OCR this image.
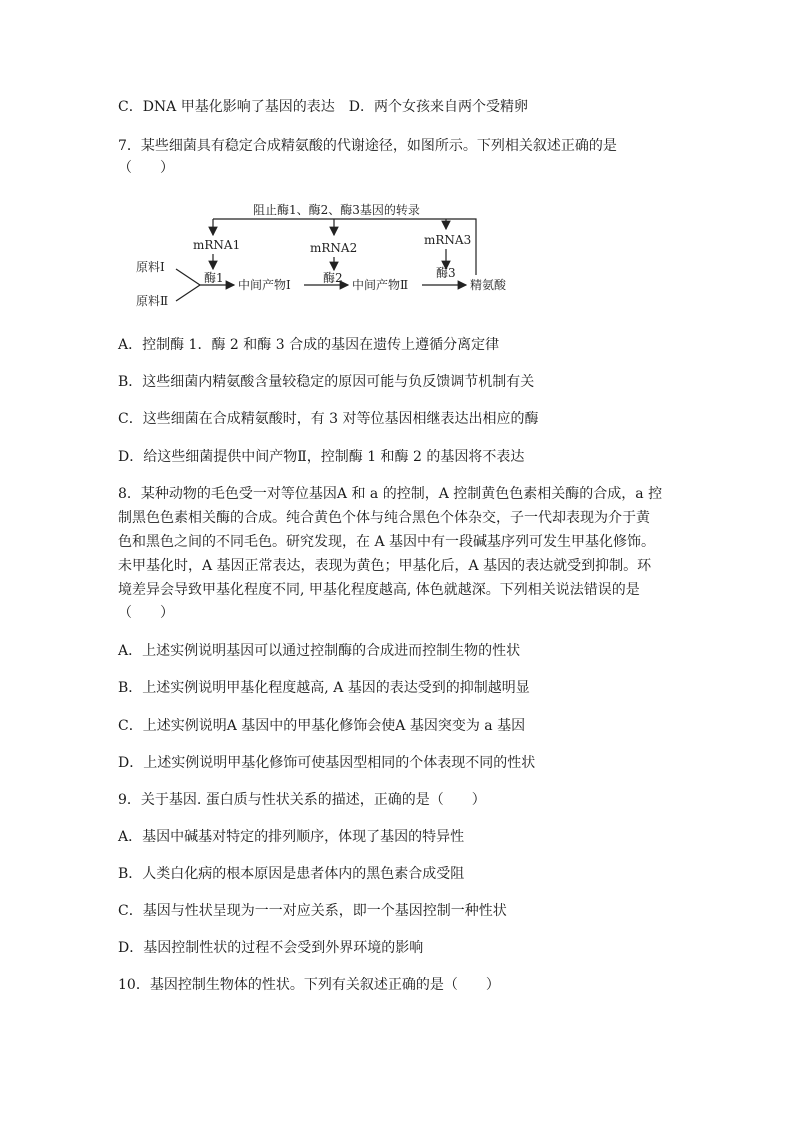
C．DNA 甲基化影响了基因的表达　D．两个女孩来自两个受精卵

7．某些细菌具有稳定合成精氨酸的代谢途径，如图所示。下列相关叙述正确的是

（　　）

阻止酶1、酶2、酶3基因的转录
mRNA1	mRNA2
mRNA3
原料Ⅰ
原料Ⅱ
酶1	酶2	酶3
中间产物Ⅰ	中间产物Ⅱ	精氨酸

A．控制酶 1．酶 2 和酶 3 合成的基因在遗传上遵循分离定律

B．这些细菌内精氨酸含量较稳定的原因可能与负反馈调节机制有关

C．这些细菌在合成精氨酸时，有 3 对等位基因相继表达出相应的酶

D．给这些细菌提供中间产物Ⅱ，控制酶 1 和酶 2 的基因将不表达

8．某种动物的毛色受一对等位基因A 和 a 的控制，A 控制黄色色素相关酶的合成，a 控

制黑色色素相关酶的合成。纯合黄色个体与纯合黑色个体杂交，子一代却表现为介于黄

色和黑色之间的不同毛色。研究发现，在 A 基因中有一段碱基序列可发生甲基化修饰。

未甲基化时，A 基因正常表达，表现为黄色；甲基化后，A 基因的表达就受到抑制。环

境差异会导致甲基化程度不同, 甲基化程度越高, 体色就越深。下列相关说法错误的是

（　　）

A．上述实例说明基因可以通过控制酶的合成进而控制生物的性状

B．上述实例说明甲基化程度越高, A 基因的表达受到的抑制越明显

C．上述实例说明A 基因中的甲基化修饰会使A 基因突变为 a 基因

D．上述实例说明甲基化修饰可使基因型相同的个体表现不同的性状

9．关于基因. 蛋白质与性状关系的描述，正确的是（　　）

A．基因中碱基对特定的排列顺序，体现了基因的特异性

B．人类白化病的根本原因是患者体内的黑色素合成受阻

C．基因与性状呈现为一一对应关系，即一个基因控制一种性状

D．基因控制性状的过程不会受到外界环境的影响

10．基因控制生物体的性状。下列有关叙述正确的是（　　）
